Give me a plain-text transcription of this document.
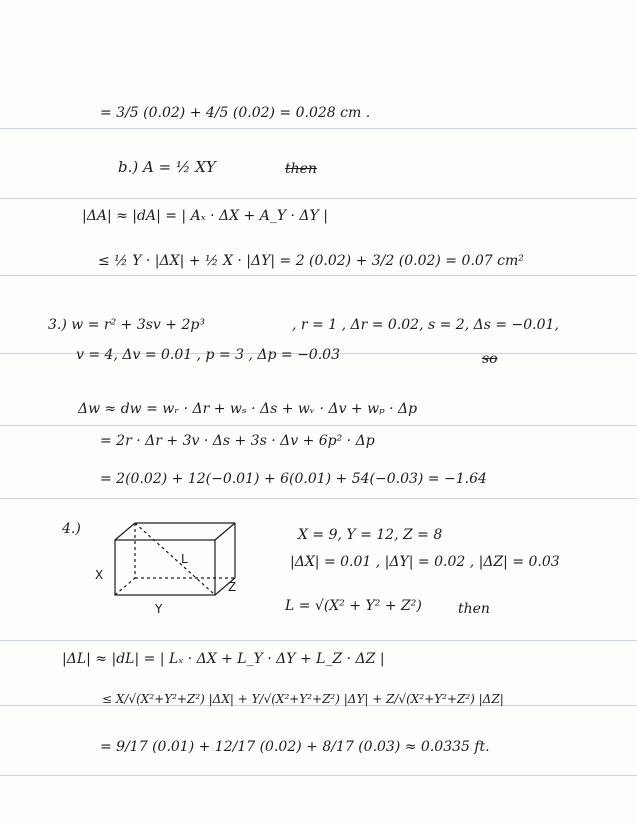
= 3/5 (0.02) + 4/5 (0.02) = 0.028 cm .
b.) A = ½ XY	then
|ΔA| ≈ |dA| = | Aₓ · ΔX + A_Y · ΔY |
≤ ½ Y · |ΔX| + ½ X · |ΔY| = 2 (0.02) + 3/2 (0.02) = 0.07 cm²
3.) w = r² + 3sv + 2p³	, r = 1 , Δr = 0.02, s = 2, Δs = −0.01,
v = 4, Δv = 0.01 , p = 3 , Δp = −0.03	so
Δw ≈ dw = wᵣ · Δr + wₛ · Δs + wᵥ · Δv + wₚ · Δp
= 2r · Δr + 3v · Δs + 3s · Δv + 6p² · Δp
= 2(0.02) + 12(−0.01) + 6(0.01) + 54(−0.03) = −1.64
4.)
X
Y
Z
L
X = 9, Y = 12, Z = 8
|ΔX| = 0.01 , |ΔY| = 0.02 , |ΔZ| = 0.03
L = √(X² + Y² + Z²)	then
|ΔL| ≈ |dL| = | Lₓ · ΔX + L_Y · ΔY + L_Z · ΔZ |
≤ X/√(X²+Y²+Z²) |ΔX| + Y/√(X²+Y²+Z²) |ΔY| + Z/√(X²+Y²+Z²) |ΔZ|
= 9/17 (0.01) + 12/17 (0.02) + 8/17 (0.03) ≈ 0.0335 ft.
